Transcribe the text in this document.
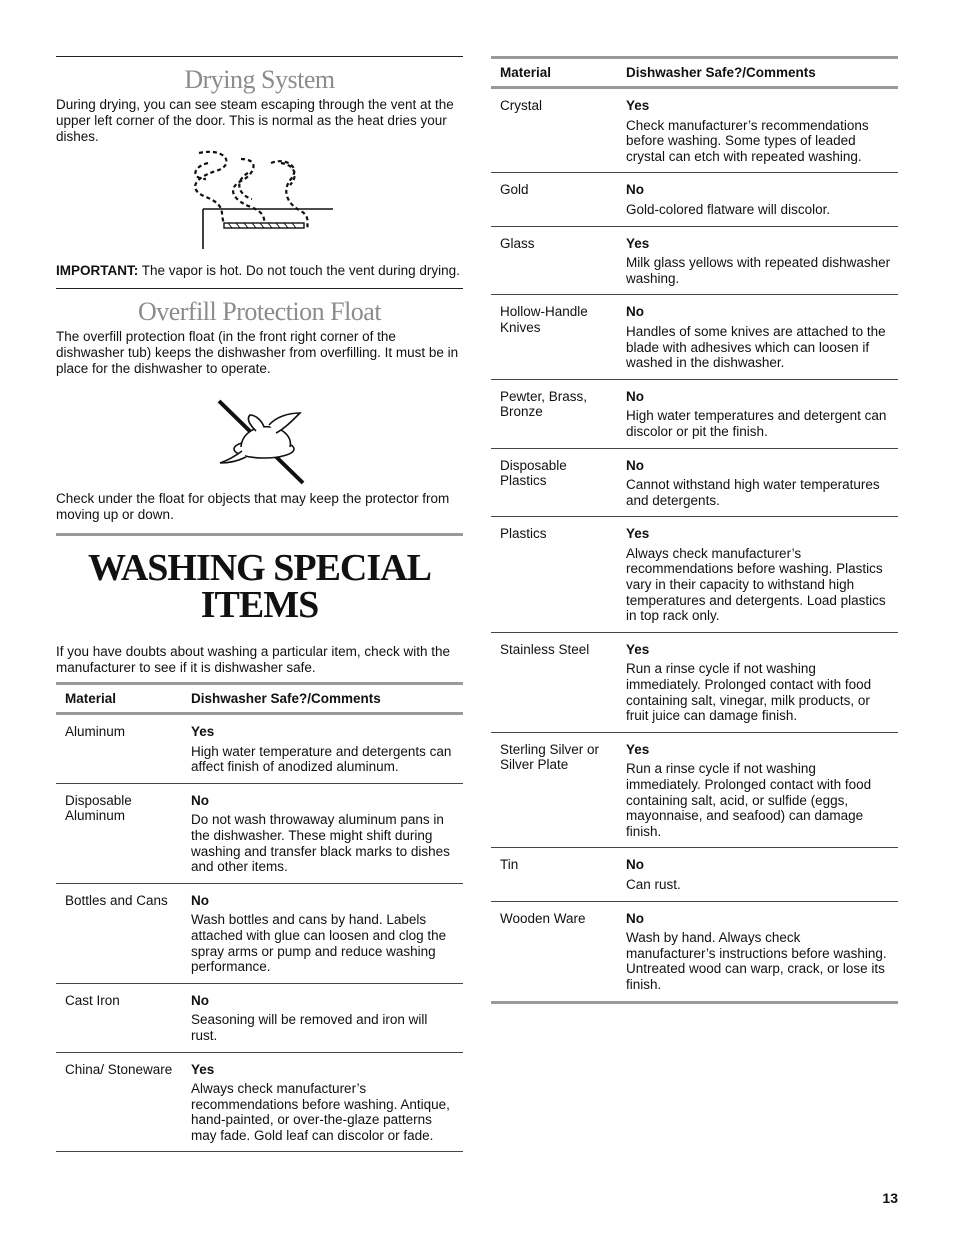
Drying System

During drying, you can see steam escaping through the vent at the upper left corner of the door. This is normal as the heat dries your dishes.

IMPORTANT: The vapor is hot. Do not touch the vent during drying.

Overfill Protection Float

The overfill protection float (in the front right corner of the dishwasher tub) keeps the dishwasher from overfilling. It must be in place for the dishwasher to operate.

Check under the float for objects that may keep the protector from moving up or down.

WASHING SPECIAL
ITEMS

If you have doubts about washing a particular item, check with the manufacturer to see if it is dishwasher safe.

Material	Dishwasher Safe?/Comments

Aluminum	Yes
High water temperature and detergents can affect finish of anodized aluminum.

Disposable Aluminum	No
Do not wash throwaway aluminum pans in the dishwasher. These might shift during washing and transfer black marks to dishes and other items.

Bottles and Cans	No
Wash bottles and cans by hand. Labels attached with glue can loosen and clog the spray arms or pump and reduce washing performance.

Cast Iron	No
Seasoning will be removed and iron will rust.

China/ Stoneware	Yes
Always check manufacturer’s recommendations before washing. Antique, hand-painted, or over-the-glaze patterns may fade. Gold leaf can discolor or fade.
Material	Dishwasher Safe?/Comments

Crystal	Yes
Check manufacturer’s recommendations before washing. Some types of leaded crystal can etch with repeated washing.

Gold	No
Gold-colored flatware will discolor.

Glass	Yes
Milk glass yellows with repeated dishwasher washing.

Hollow-Handle Knives	No
Handles of some knives are attached to the blade with adhesives which can loosen if washed in the dishwasher.

Pewter, Brass, Bronze	No
High water temperatures and detergent can discolor or pit the finish.

Disposable Plastics	No
Cannot withstand high water temperatures and detergents.

Plastics	Yes
Always check manufacturer’s recommendations before washing. Plastics vary in their capacity to withstand high temperatures and detergents. Load plastics in top rack only.

Stainless Steel	Yes
Run a rinse cycle if not washing immediately. Prolonged contact with food containing salt, vinegar, milk products, or fruit juice can damage finish.

Sterling Silver or Silver Plate	Yes
Run a rinse cycle if not washing immediately. Prolonged contact with food containing salt, acid, or sulfide (eggs, mayonnaise, and seafood) can damage finish.

Tin	No
Can rust.

Wooden Ware	No
Wash by hand. Always check manufacturer’s instructions before washing. Untreated wood can warp, crack, or lose its finish.
13
